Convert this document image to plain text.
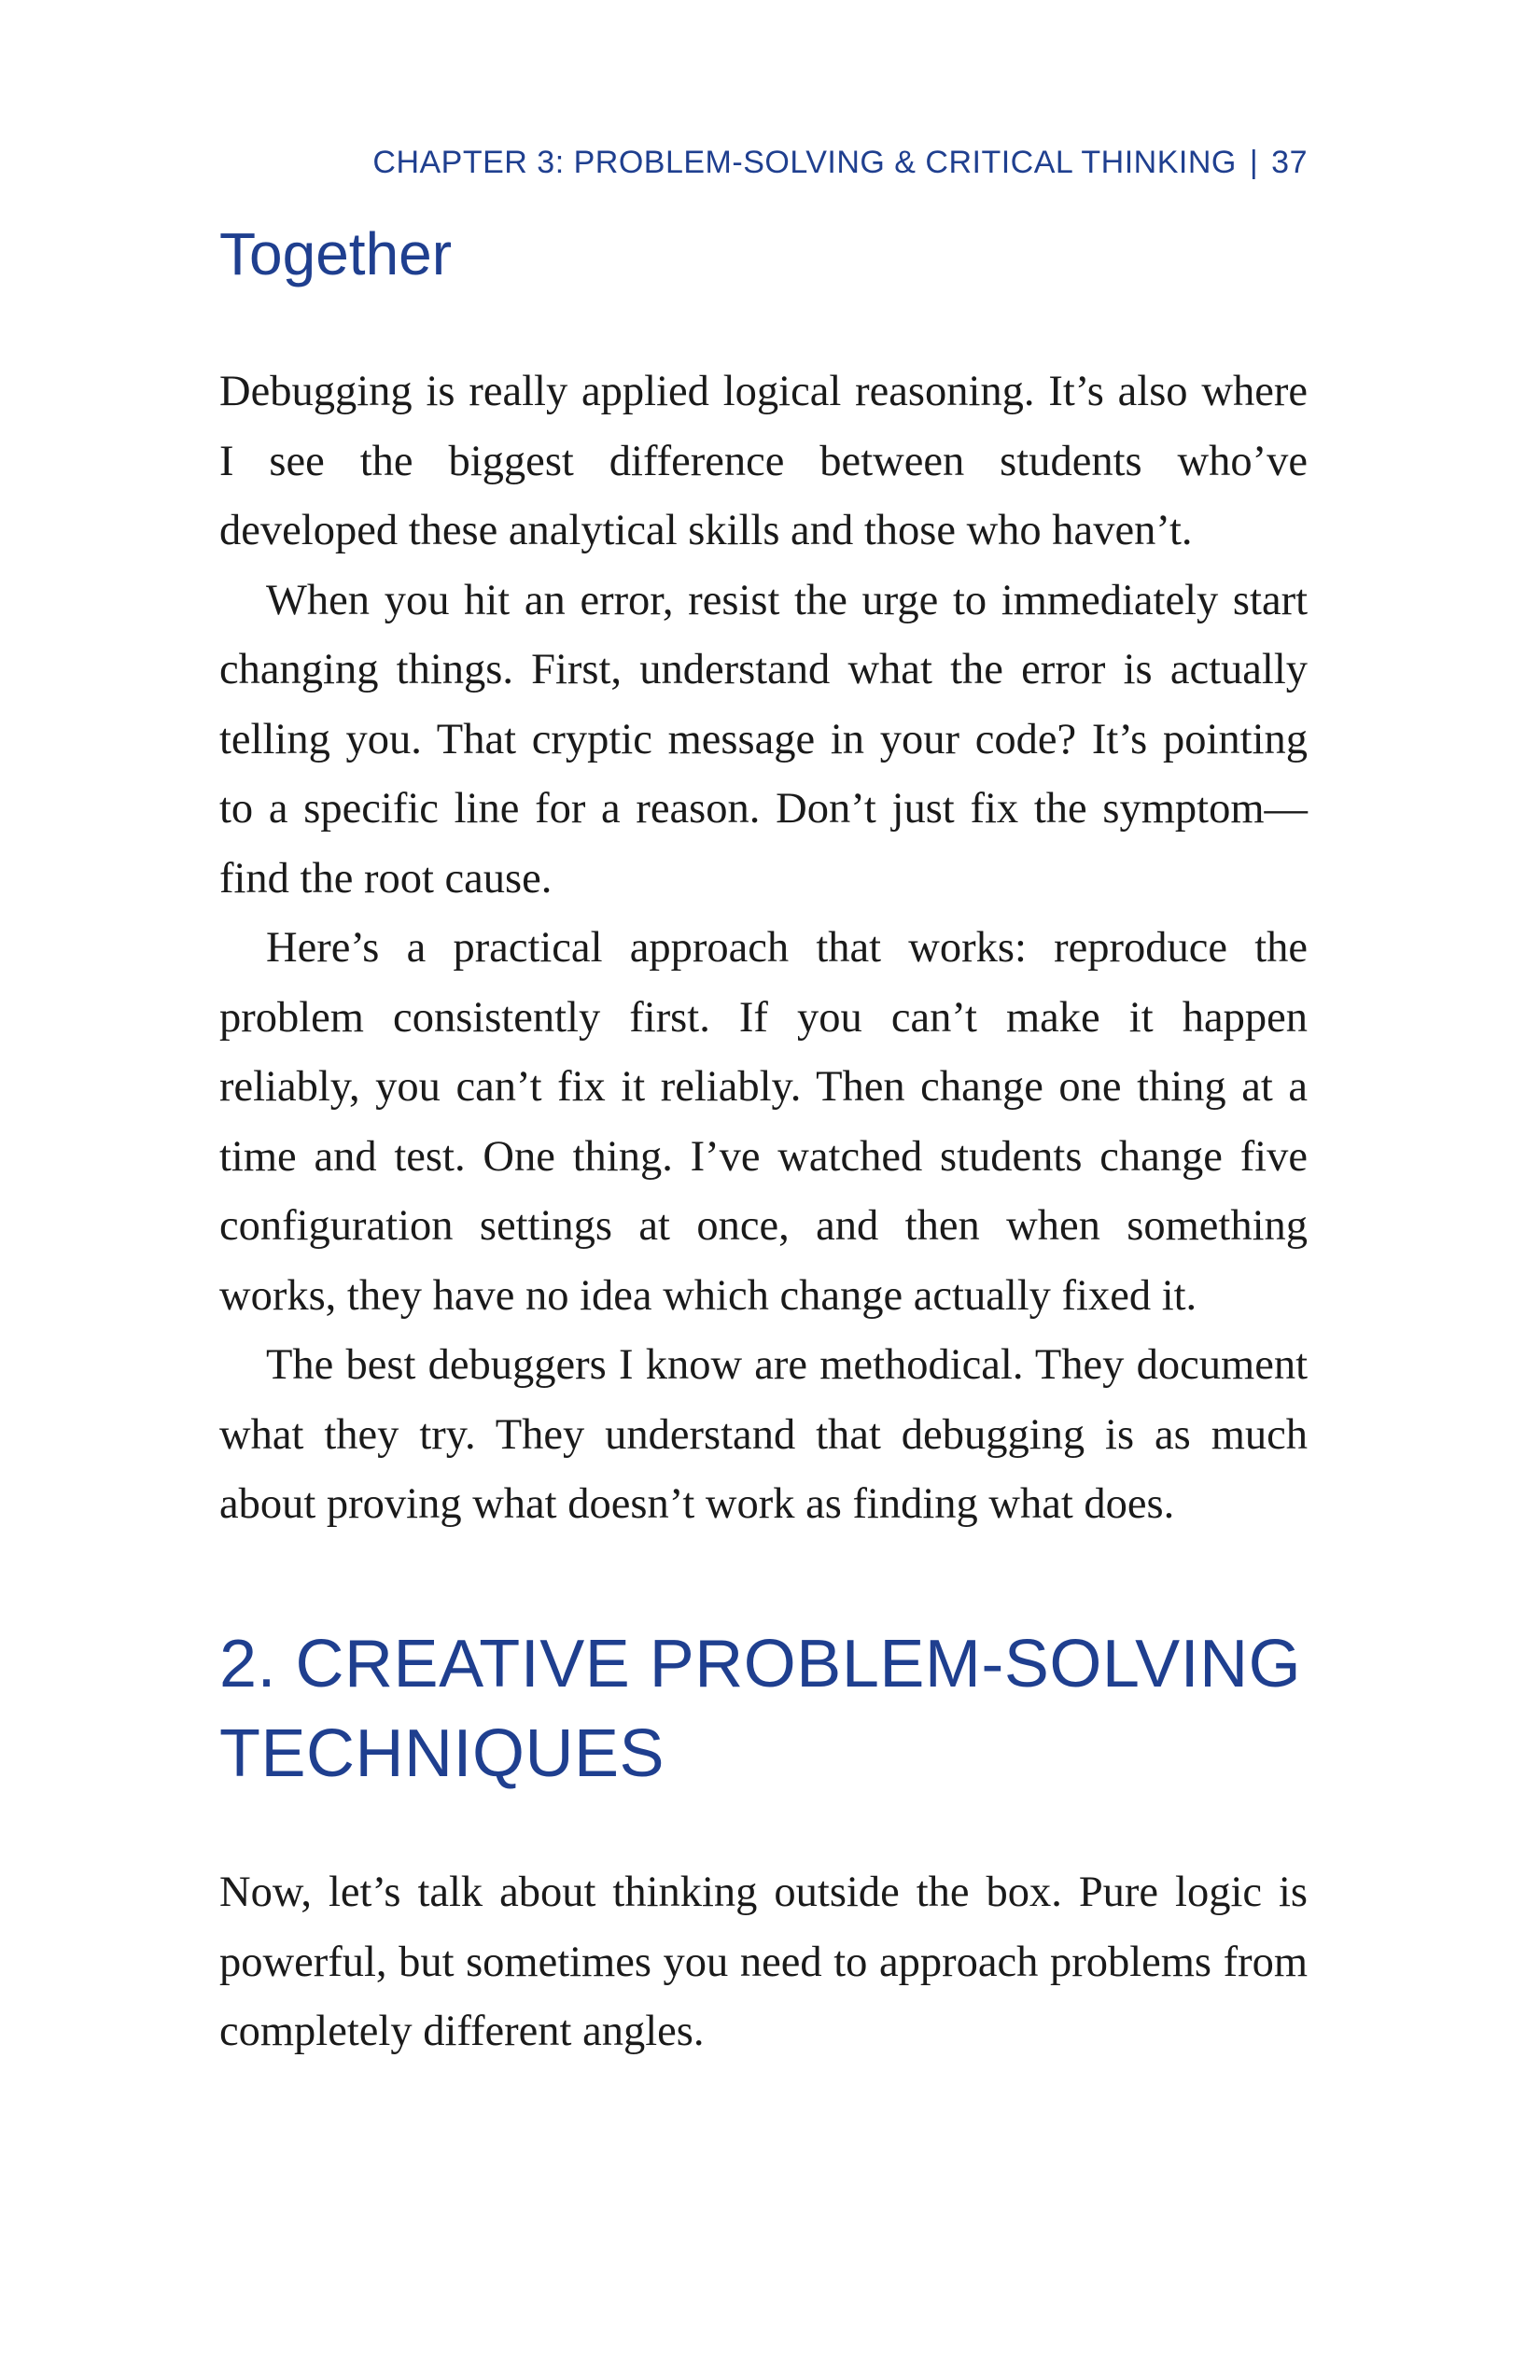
CHAPTER 3: PROBLEM-SOLVING & CRITICAL THINKING | 37
Together

Debugging is really applied logical reasoning. It’s also where I see the biggest difference between students who’ve developed these analytical skills and those who haven’t.

When you hit an error, resist the urge to immediately start changing things. First, understand what the error is actually telling you. That cryptic message in your code? It’s pointing to a specific line for a reason. Don’t just fix the symptom—find the root cause.

Here’s a practical approach that works: reproduce the problem consistently first. If you can’t make it happen reliably, you can’t fix it reliably. Then change one thing at a time and test. One thing. I’ve watched students change five configuration settings at once, and then when something works, they have no idea which change actually fixed it.

The best debuggers I know are methodical. They document what they try. They understand that debugging is as much about proving what doesn’t work as finding what does.

2. CREATIVE PROBLEM-SOLVING TECHNIQUES

Now, let’s talk about thinking outside the box. Pure logic is powerful, but sometimes you need to approach problems from completely different angles.
